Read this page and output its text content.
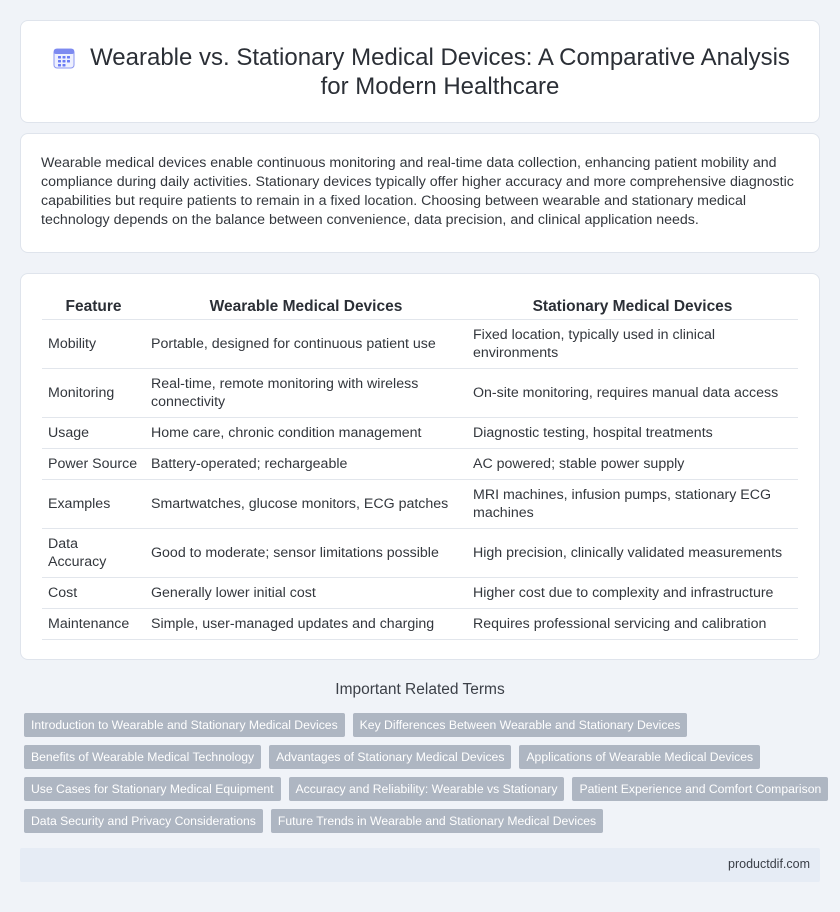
Wearable vs. Stationary Medical Devices: A Comparative Analysis for Modern Healthcare

Wearable medical devices enable continuous monitoring and real-time data collection, enhancing patient mobility and compliance during daily activities. Stationary devices typically offer higher accuracy and more comprehensive diagnostic capabilities but require patients to remain in a fixed location. Choosing between wearable and stationary medical technology depends on the balance between convenience, data precision, and clinical application needs.

Feature	Wearable Medical Devices	Stationary Medical Devices
Mobility	Portable, designed for continuous patient use	Fixed location, typically used in clinical environments
Monitoring	Real-time, remote monitoring with wireless connectivity	On-site monitoring, requires manual data access
Usage	Home care, chronic condition management	Diagnostic testing, hospital treatments
Power Source	Battery-operated; rechargeable	AC powered; stable power supply
Examples	Smartwatches, glucose monitors, ECG patches	MRI machines, infusion pumps, stationary ECG machines
Data Accuracy	Good to moderate; sensor limitations possible	High precision, clinically validated measurements
Cost	Generally lower initial cost	Higher cost due to complexity and infrastructure
Maintenance	Simple, user-managed updates and charging	Requires professional servicing and calibration
Important Related Terms
Introduction to Wearable and Stationary Medical Devices	Key Differences Between Wearable and Stationary Devices
Benefits of Wearable Medical Technology	Advantages of Stationary Medical Devices	Applications of Wearable Medical Devices
Use Cases for Stationary Medical Equipment	Accuracy and Reliability: Wearable vs Stationary	Patient Experience and Comfort Comparison
Data Security and Privacy Considerations	Future Trends in Wearable and Stationary Medical Devices
productdif.com
